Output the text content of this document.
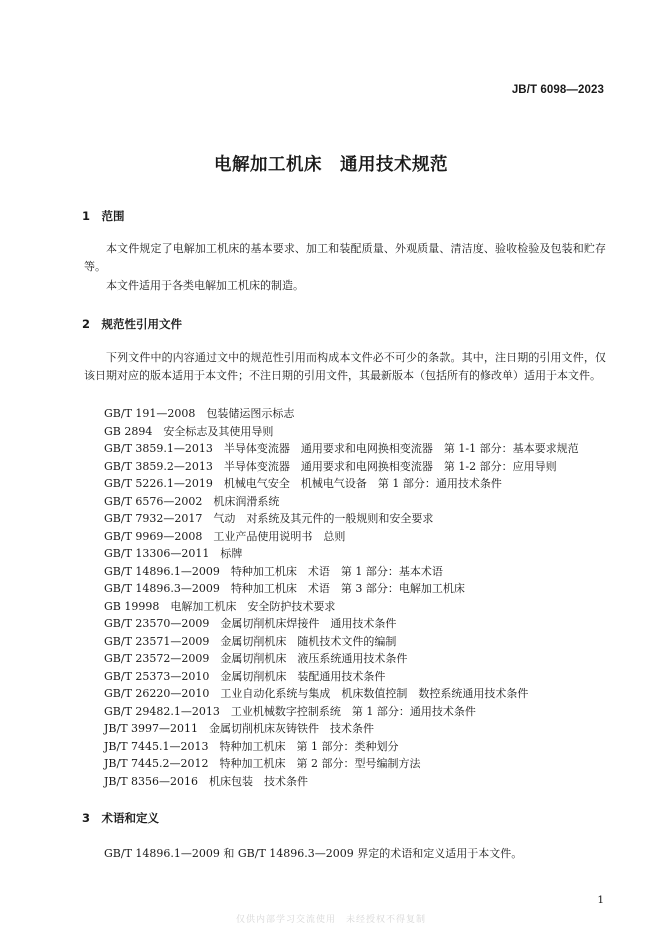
JB/T 6098—2023
电解加工机床　通用技术规范
1　范围
本文件规定了电解加工机床的基本要求、加工和装配质量、外观质量、清洁度、验收检验及包装和贮存等。
本文件适用于各类电解加工机床的制造。
2　规范性引用文件
下列文件中的内容通过文中的规范性引用而构成本文件必不可少的条款。其中，注日期的引用文件，仅该日期对应的版本适用于本文件；不注日期的引用文件，其最新版本（包括所有的修改单）适用于本文件。
GB/T 191—2008　包装储运图示标志
GB 2894　安全标志及其使用导则
GB/T 3859.1—2013　半导体变流器　通用要求和电网换相变流器　第 1-1 部分：基本要求规范
GB/T 3859.2—2013　半导体变流器　通用要求和电网换相变流器　第 1-2 部分：应用导则
GB/T 5226.1—2019　机械电气安全　机械电气设备　第 1 部分：通用技术条件
GB/T 6576—2002　机床润滑系统
GB/T 7932—2017　气动　对系统及其元件的一般规则和安全要求
GB/T 9969—2008　工业产品使用说明书　总则
GB/T 13306—2011　标牌
GB/T 14896.1—2009　特种加工机床　术语　第 1 部分：基本术语
GB/T 14896.3—2009　特种加工机床　术语　第 3 部分：电解加工机床
GB 19998　电解加工机床　安全防护技术要求
GB/T 23570—2009　金属切削机床焊接件　通用技术条件
GB/T 23571—2009　金属切削机床　随机技术文件的编制
GB/T 23572—2009　金属切削机床　液压系统通用技术条件
GB/T 25373—2010　金属切削机床　装配通用技术条件
GB/T 26220—2010　工业自动化系统与集成　机床数值控制　数控系统通用技术条件
GB/T 29482.1—2013　工业机械数字控制系统　第 1 部分：通用技术条件
JB/T 3997—2011　金属切削机床灰铸铁件　技术条件
JB/T 7445.1—2013　特种加工机床　第 1 部分：类种划分
JB/T 7445.2—2012　特种加工机床　第 2 部分：型号编制方法
JB/T 8356—2016　机床包装　技术条件
3　术语和定义
GB/T 14896.1—2009 和 GB/T 14896.3—2009 界定的术语和定义适用于本文件。
1
仅供内部学习交流使用　未经授权不得复制
